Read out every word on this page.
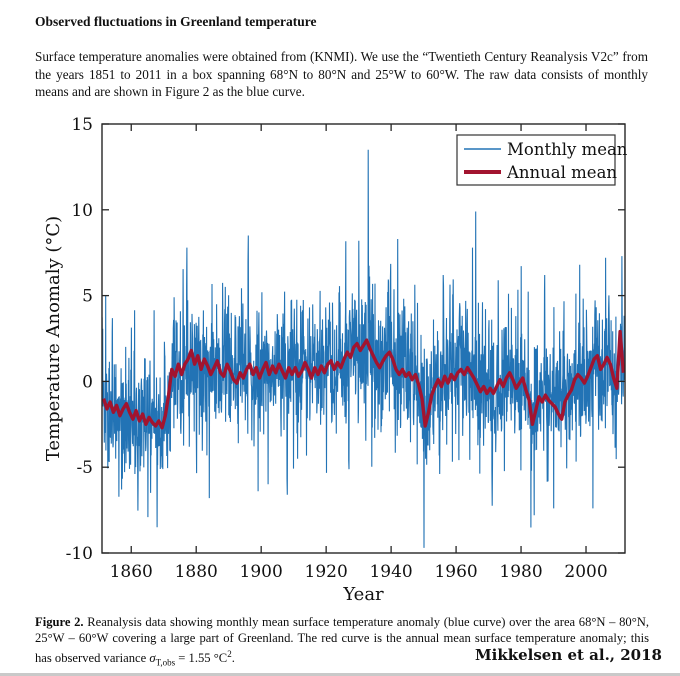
Observed fluctuations in Greenland temperature

Surface temperature anomalies were obtained from (KNMI). We use the “Twentieth Century Reanalysis V2c” from the years 1851 to 2011 in a box spanning 68°N to 80°N and 25°W to 60°W. The raw data consists of monthly means and are shown in Figure 2 as the blue curve.

1860 1880 1900 1920 1940 1960 1980 2000
-10
-5
0
5
10
15
Year
Temperature Anomaly (°C)
Monthly mean
Annual mean

Figure 2. Reanalysis data showing monthly mean surface temperature anomaly (blue curve) over the area 68°N – 80°N, 25°W – 60°W covering a large part of Greenland. The red curve is the annual mean surface temperature anomaly; this has observed variance $\sigma_{T,obs} = 1.55$ $^\circ C^2$.	Mikkelsen et al., 2018
